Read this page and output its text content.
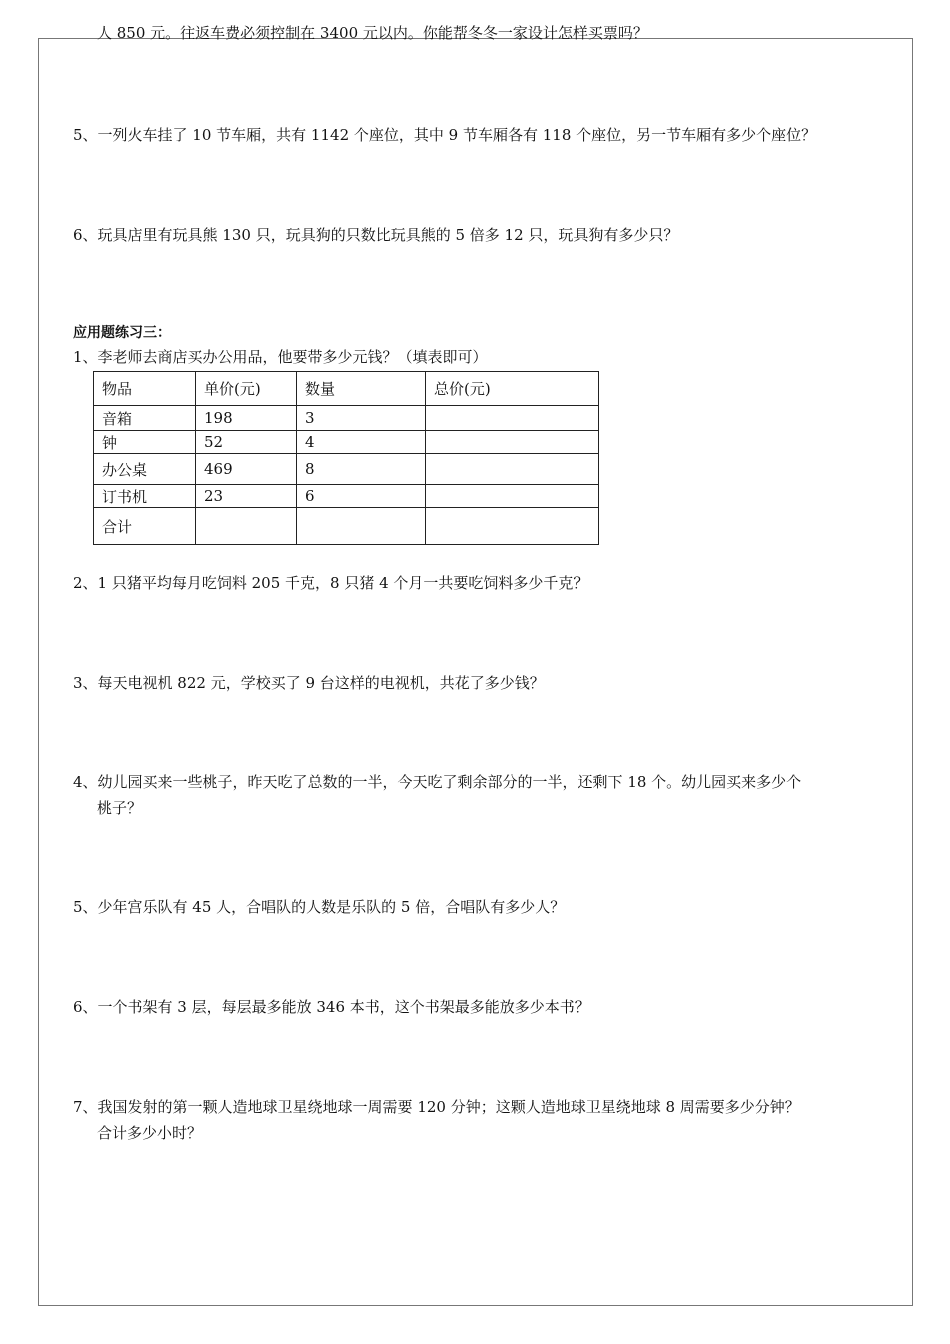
人 850 元。往返车费必须控制在 3400 元以内。你能帮冬冬一家设计怎样买票吗？
5、一列火车挂了 10 节车厢，共有 1142 个座位，其中 9 节车厢各有 118 个座位，另一节车厢有多少个座位？
6、玩具店里有玩具熊 130 只，玩具狗的只数比玩具熊的 5 倍多 12 只，玩具狗有多少只？
应用题练习三：
1、李老师去商店买办公用品，他要带多少元钱？（填表即可）
物品	单价(元)	数量	总价(元)
音箱	198	3	
钟	52	4	
办公桌	469	8	
订书机	23	6	
合计			
2、1 只猪平均每月吃饲料 205 千克，8 只猪 4 个月一共要吃饲料多少千克？
3、每天电视机 822 元，学校买了 9 台这样的电视机，共花了多少钱？
4、幼儿园买来一些桃子，昨天吃了总数的一半，今天吃了剩余部分的一半，还剩下 18 个。幼儿园买来多少个
桃子？
5、少年宫乐队有 45 人，合唱队的人数是乐队的 5 倍，合唱队有多少人？
6、一个书架有 3 层，每层最多能放 346 本书，这个书架最多能放多少本书？
7、我国发射的第一颗人造地球卫星绕地球一周需要 120 分钟；这颗人造地球卫星绕地球 8 周需要多少分钟？
合计多少小时？
